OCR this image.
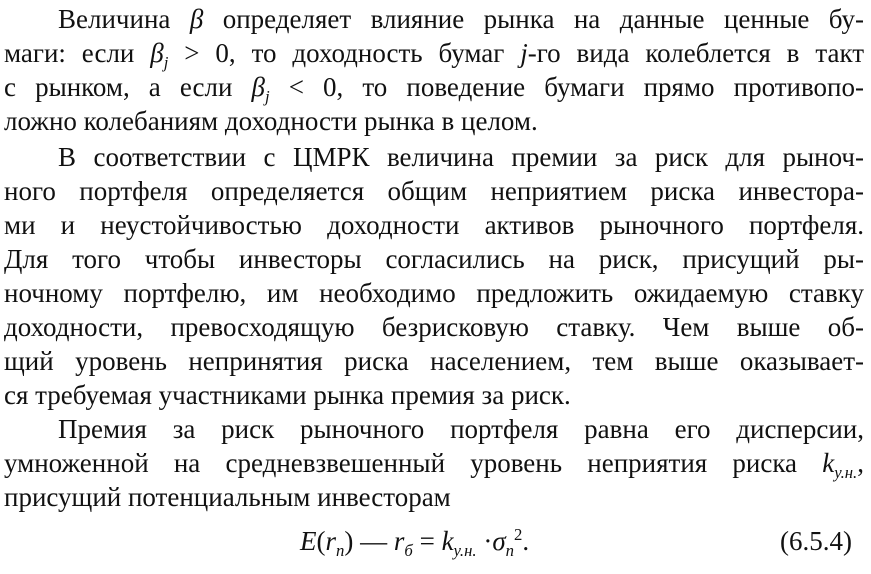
Величина β определяет влияние рынка на данные ценные бу-
маги: если $\beta_j > 0$, то доходность бумаг j-го вида колеблется в такт
с рынком, а если $\beta_j < 0$, то поведение бумаги прямо противопо-
ложно колебаниям доходности рынка в целом.
В соответствии с ЦМРК величина премии за риск для рыноч-
ного портфеля определяется общим неприятием риска инвестора-
ми и неустойчивостью доходности активов рыночного портфеля.
Для того чтобы инвесторы согласились на риск, присущий ры-
ночному портфелю, им необходимо предложить ожидаемую ставку
доходности, превосходящую безрисковую ставку. Чем выше об-
щий уровень непринятия риска населением, тем выше оказывает-
ся требуемая участниками рынка премия за риск.
Премия за риск рыночного портфеля равна его дисперсии,
умноженной на средневзвешенный уровень неприятия риска $k_{у.н.}$,
присущий потенциальным инвесторам
$E(r_n)$ — $r_б = k_{у.н.} \cdot\sigma_n^2$.	(6.5.4)
